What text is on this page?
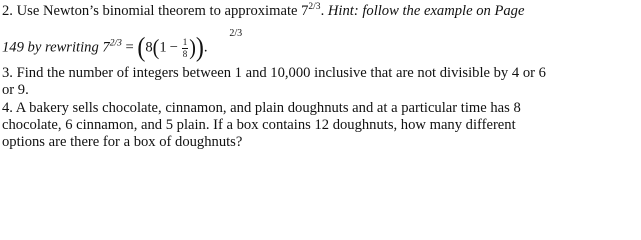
2. Use Newton’s binomial theorem to approximate $7^{2/3}$. Hint: follow the example on Page
149 by rewriting $7^{2/3} = (8(1 - \frac{1}{8}$ ))	2/3
.
3. Find the number of integers between 1 and 10,000 inclusive that are not divisible by 4 or 6
or 9.
4. A bakery sells chocolate, cinnamon, and plain doughnuts and at a particular time has 8
chocolate, 6 cinnamon, and 5 plain. If a box contains 12 doughnuts, how many different
options are there for a box of doughnuts?
